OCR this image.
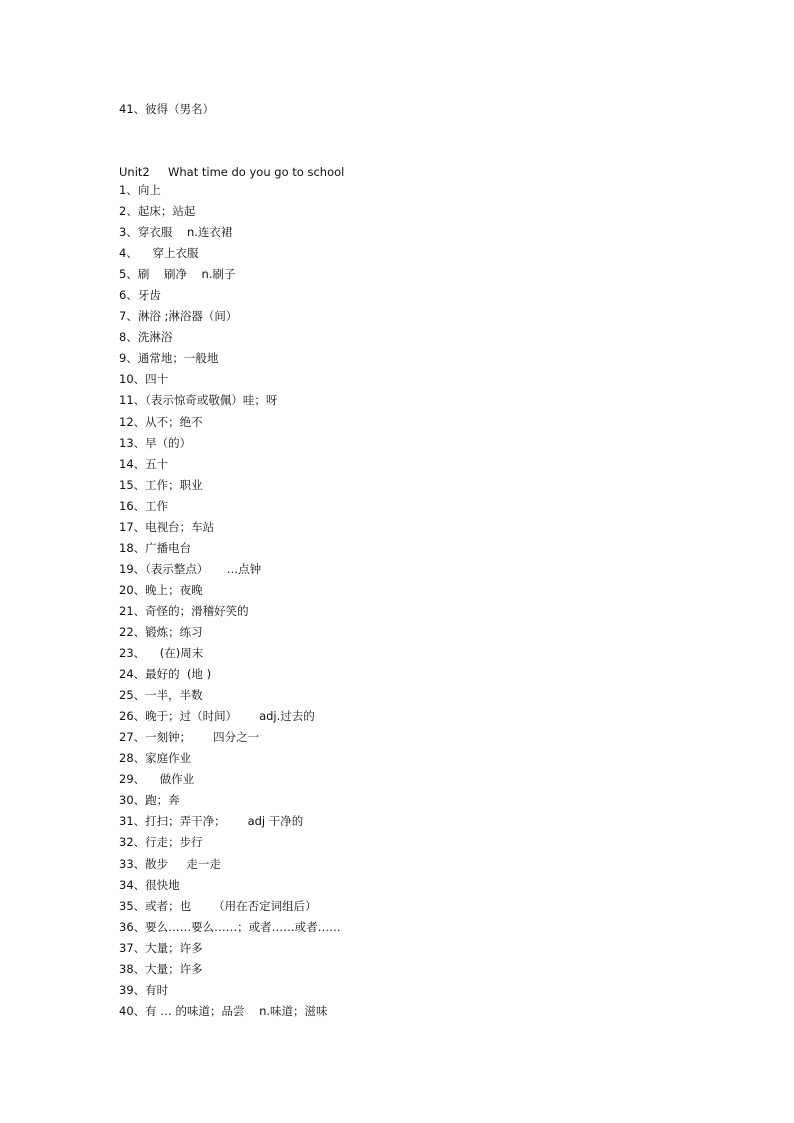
41、彼得（男名）
Unit2     What time do you go to school
1、向上
2、起床；站起
3、穿衣服    n.连衣裙
4、    穿上衣服
5、刷    刷净    n.刷子
6、牙齿
7、淋浴 ;淋浴器（间）
8、洗淋浴
9、通常地；一般地
10、四十
11、（表示惊奇或敬佩）哇；呀
12、从不；绝不
13、早（的）
14、五十
15、工作；职业
16、工作
17、电视台；车站
18、广播电台
19、（表示整点）     …点钟
20、晚上；夜晚
21、奇怪的；滑稽好笑的
22、锻炼；练习
23、    (在)周末
24、最好的  (地 )
25、一半，半数
26、晚于；过（时间）      adj.过去的
27、一刻钟；      四分之一
28、家庭作业
29、    做作业
30、跑；奔
31、打扫；弄干净；      adj 干净的
32、行走；步行
33、散步     走一走
34、很快地
35、或者；也      （用在否定词组后）
36、要么……要么……；或者……或者……
37、大量；许多
38、大量；许多
39、有时
40、有 … 的味道；品尝    n.味道；滋味
